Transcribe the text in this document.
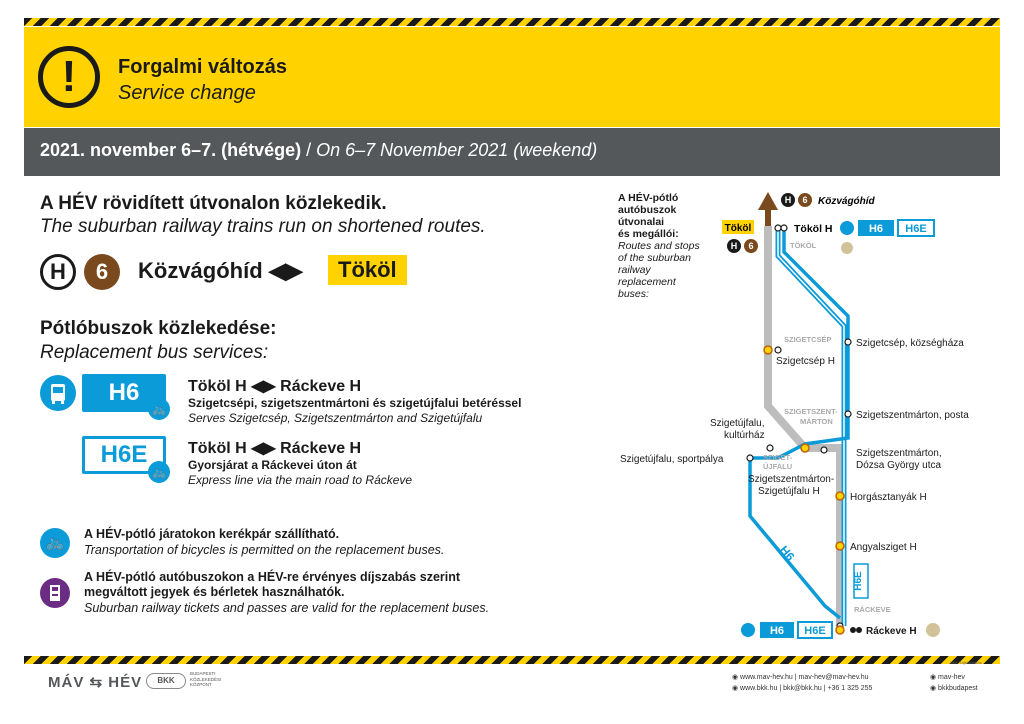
!	Forgalmi változás
Service change
2021. november 6–7. (hétvége) / On 6–7 November 2021 (weekend)
A HÉV rövidített útvonalon közlekedik.
The suburban railway trains run on shortened routes.
H	6	Közvágóhíd ◀▶	Tököl
Pótlóbuszok közlekedése:
Replacement bus services:
H6
🚲
Tököl H ◀▶ Ráckeve H
Szigetcsépi, szigetszentmártoni és szigetújfalui betéréssel
Serves Szigetcsép, Szigetszentmárton and Szigetújfalu
H6E
🚲
Tököl H ◀▶ Ráckeve H
Gyorsjárat a Ráckevei úton át
Express line via the main road to Ráckeve
🚲	A HÉV-pótló járatokon kerékpár szállítható.
Transportation of bicycles is permitted on the replacement buses.
A HÉV-pótló autóbuszokon a HÉV-re érvényes díjszabás szerint
megváltott jegyek és bérletek használhatók.
Suburban railway tickets and passes are valid for the replacement buses.
A HÉV-pótló
autóbuszok
útvonalai
és megállói:
Routes and stops
of the suburban
railway
replacement
buses:
H 6 Közvágóhíd
Tököl
H 6
Tököl H	H6 H6E
TÖKÖL
SZIGETCSÉP
SZIGETSZENT-
MÁRTON
SZIGET-
ÚJFALU
RÁCKEVE
Szigetcsép, községháza
Szigetcsép H
Szigetszentmárton, posta
Szigetújfalu,
kultúrház
Szigetújfalu, sportpálya
Szigetszentmárton,
Dózsa György utca
Szigetszentmárton-
Szigetújfalu H
Horgásztanyák H
Angyalsziget H
Ráckeve H
H6
H6E
H6 H6E
BKK Tájékoztatás
MÁV ⇆ HÉV	BKK
BUDAPESTI
KÖZLEKEDÉSI
KÖZPONT
◉ www.mav-hev.hu | mav-hev@mav-hev.hu	◉ mav-hev
◉ www.bkk.hu | bkk@bkk.hu | +36 1 325 255	◉ bkkbudapest
